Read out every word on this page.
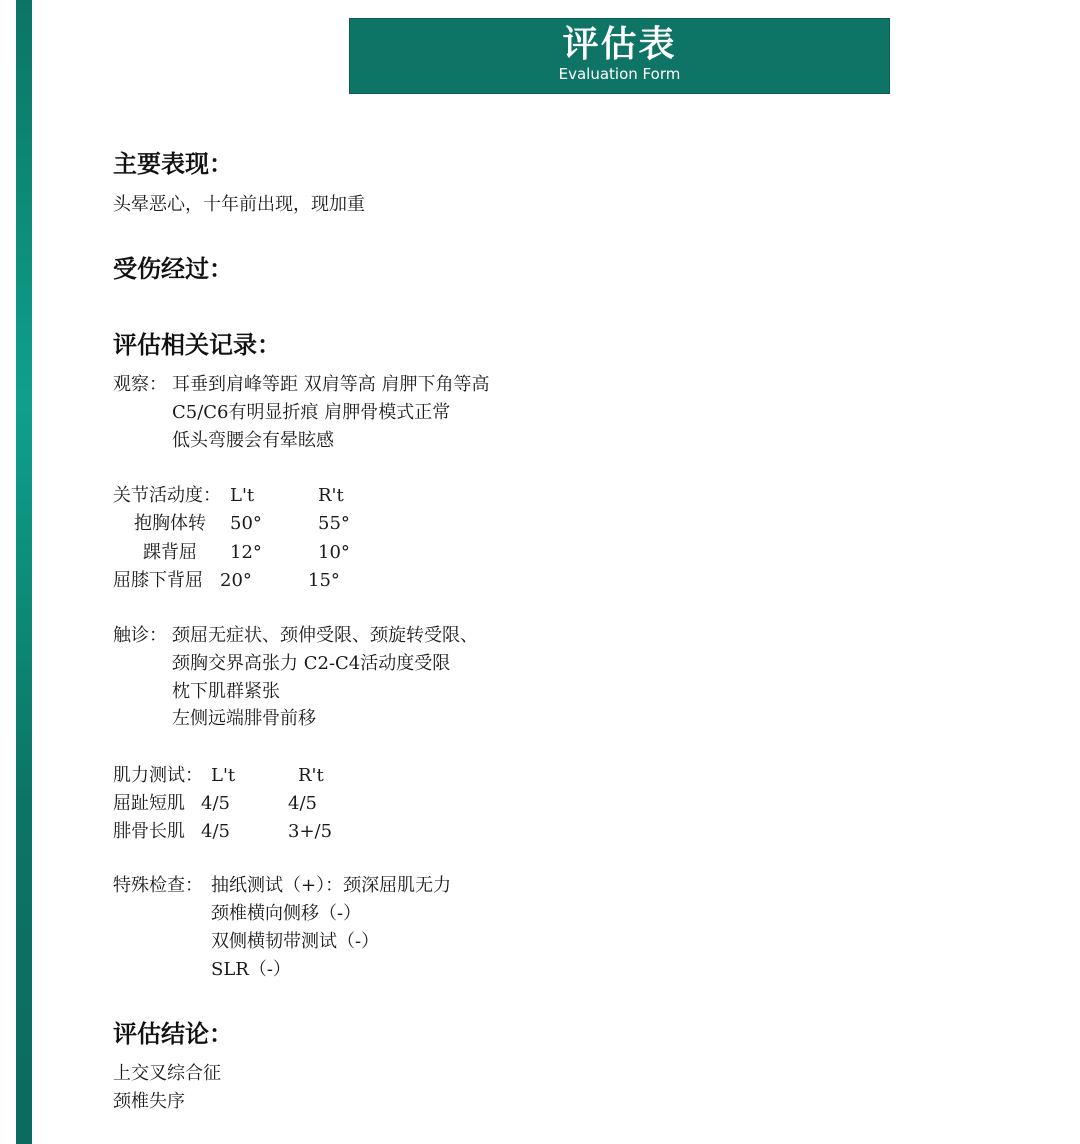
评估表
Evaluation Form
主要表现：
头晕恶心，十年前出现，现加重
受伤经过：
评估相关记录：
观察： 耳垂到肩峰等距 双肩等高 肩胛下角等高
C5/C6有明显折痕 肩胛骨模式正常
低头弯腰会有晕眩感
关节活动度： L't	R't
抱胸体转 50°	55°
踝背屈 12°	10°
屈膝下背屈 20°	15°
触诊： 颈屈无症状、颈伸受限、颈旋转受限、
颈胸交界高张力 C2-C4活动度受限
枕下肌群紧张
左侧远端腓骨前移
肌力测试： L't	R't
屈趾短肌 4/5	4/5
腓骨长肌 4/5	3+/5
特殊检查： 抽纸测试（+）：颈深屈肌无力
颈椎横向侧移（-）
双侧横韧带测试（-）
SLR（-）
评估结论：
上交叉综合征
颈椎失序
